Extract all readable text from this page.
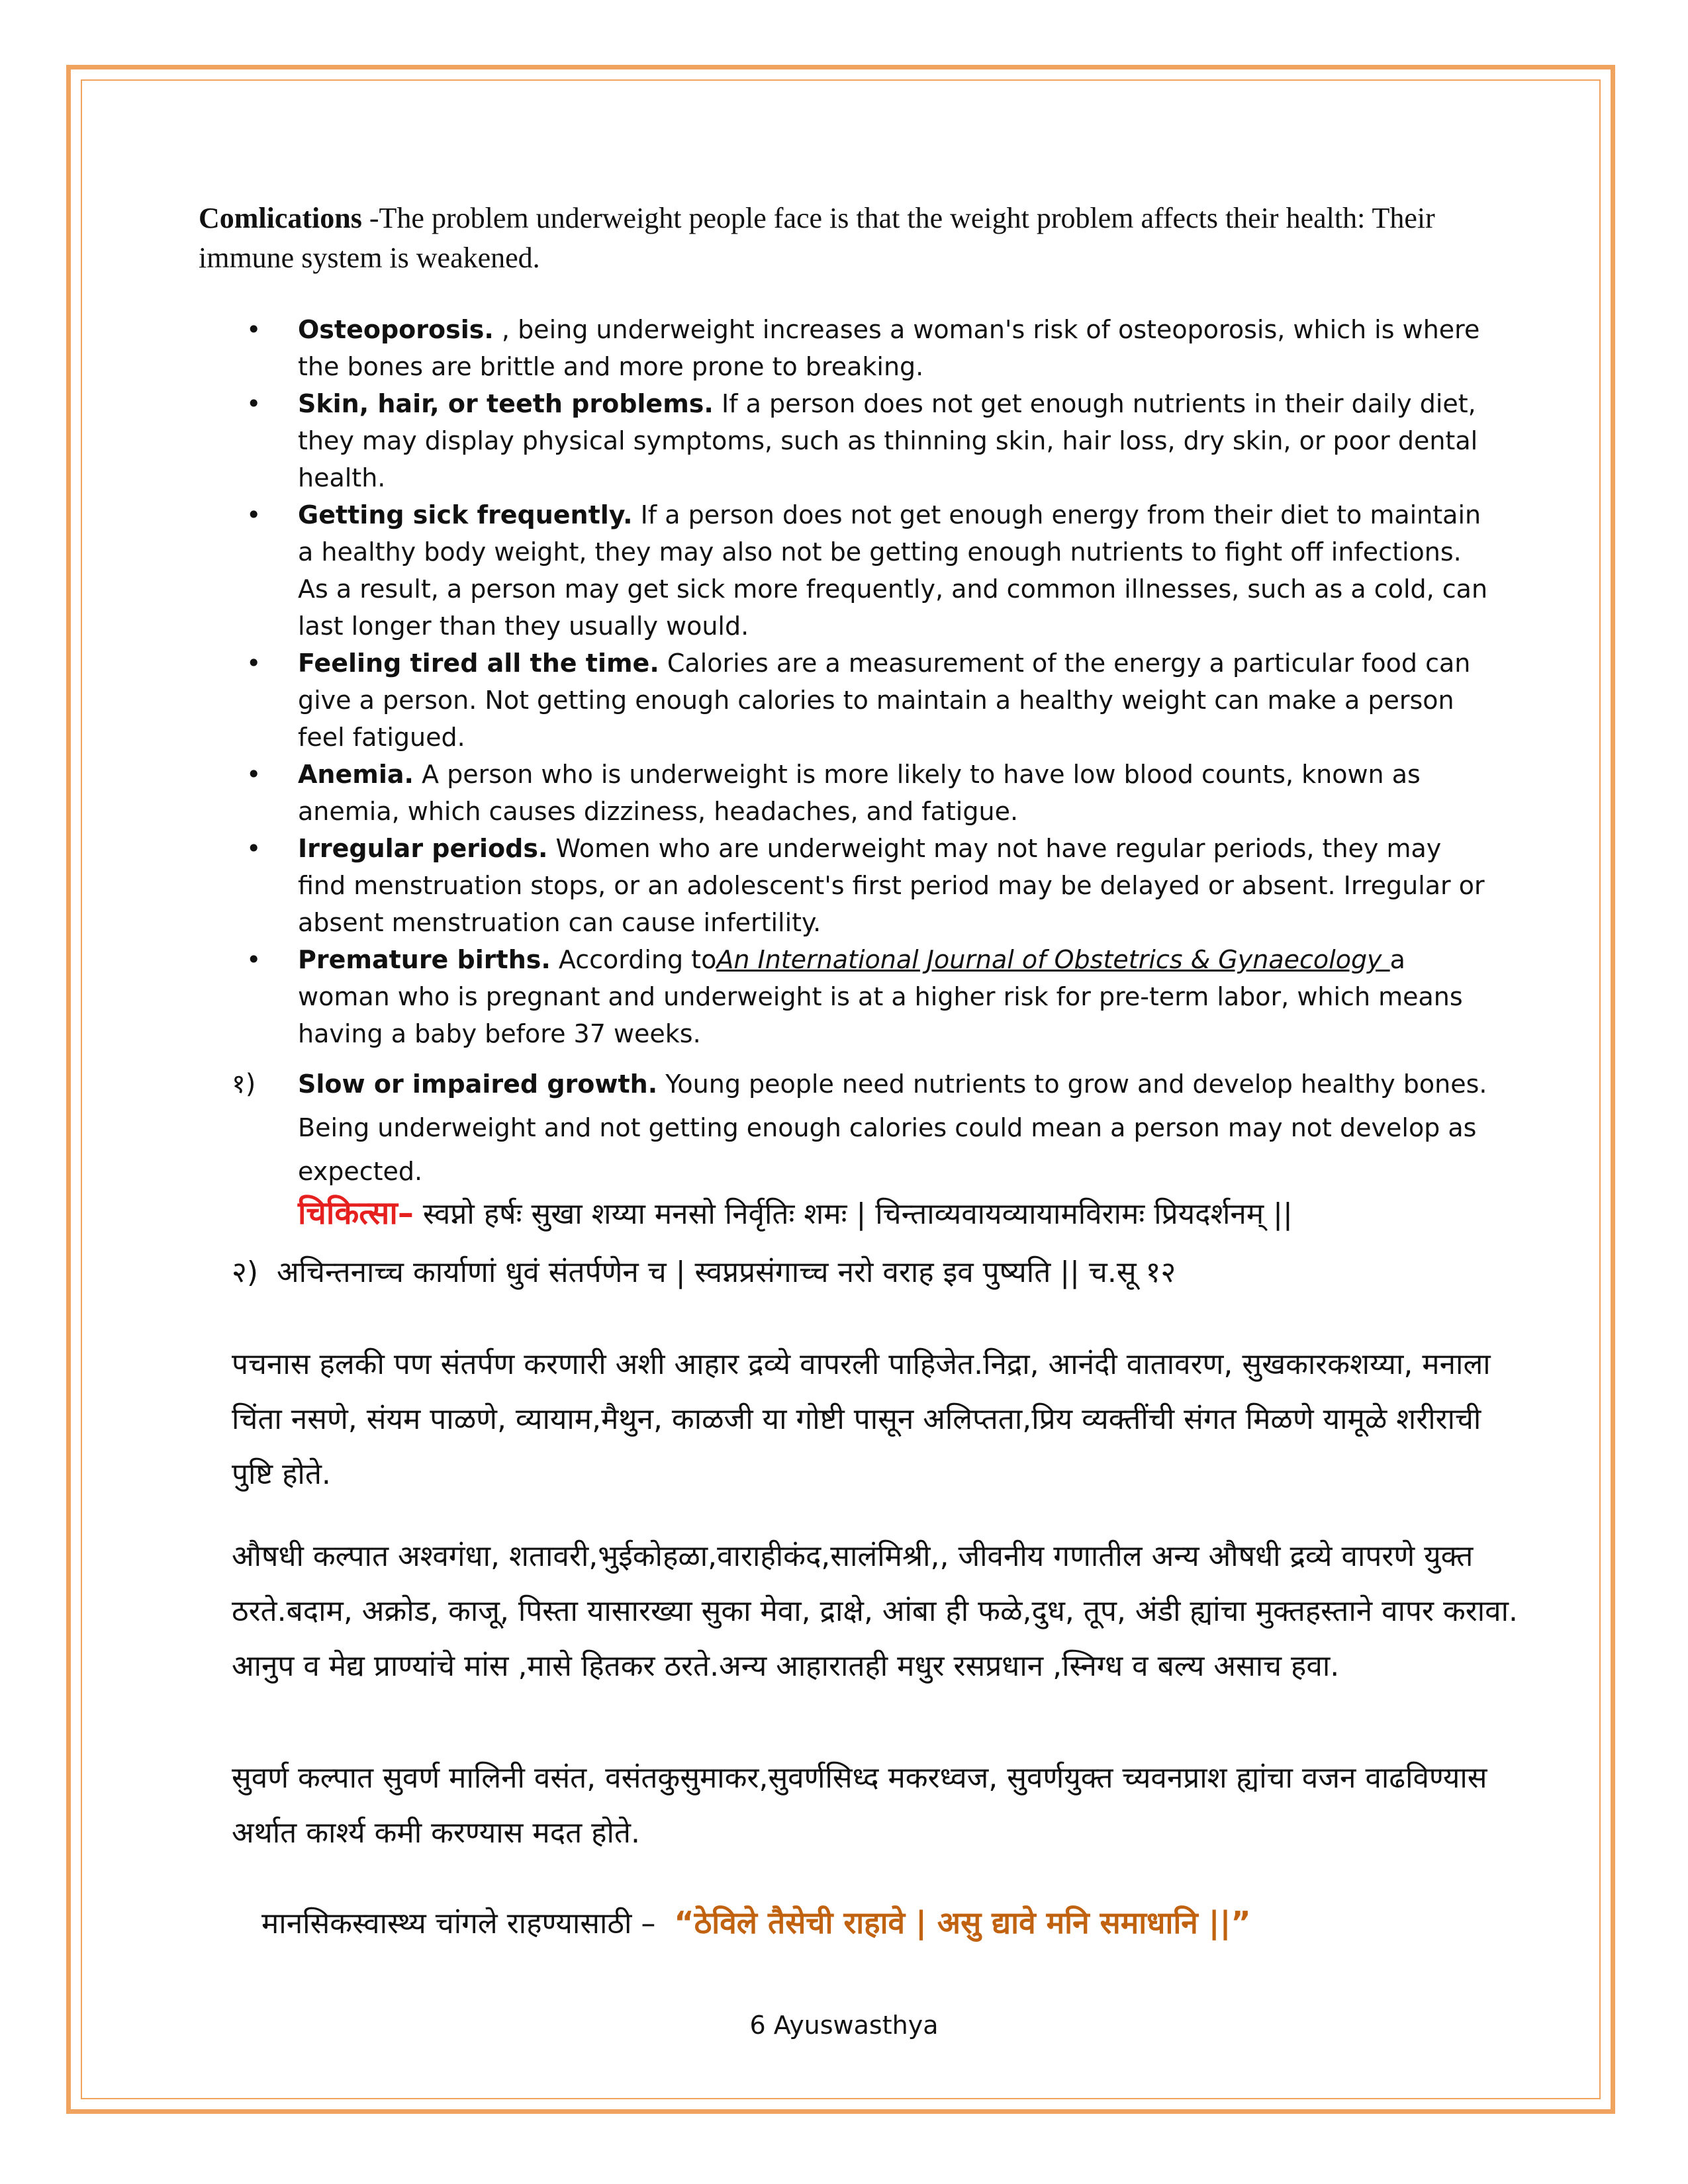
Comlications -The problem underweight people face is that the weight problem affects their health: Their immune system is weakened.

• Osteoporosis. , being underweight increases a woman's risk of osteoporosis, which is where the bones are brittle and more prone to breaking.
• Skin, hair, or teeth problems. If a person does not get enough nutrients in their daily diet, they may display physical symptoms, such as thinning skin, hair loss, dry skin, or poor dental health.
• Getting sick frequently. If a person does not get enough energy from their diet to maintain a healthy body weight, they may also not be getting enough nutrients to fight off infections. As a result, a person may get sick more frequently, and common illnesses, such as a cold, can last longer than they usually would.
• Feeling tired all the time. Calories are a measurement of the energy a particular food can give a person. Not getting enough calories to maintain a healthy weight can make a person feel fatigued.
• Anemia. A person who is underweight is more likely to have low blood counts, known as anemia, which causes dizziness, headaches, and fatigue.
• Irregular periods. Women who are underweight may not have regular periods, they may find menstruation stops, or an adolescent's first period may be delayed or absent. Irregular or absent menstruation can cause infertility.
• Premature births. According toAn International Journal of Obstetrics & Gynaecology a woman who is pregnant and underweight is at a higher risk for pre-term labor, which means having a baby before 37 weeks.
१)	Slow or impaired growth. Young people need nutrients to grow and develop healthy bones. Being underweight and not getting enough calories could mean a person may not develop as expected.
चिकित्सा– स्वप्नो हर्षः सुखा शय्या मनसो निर्वृतिः शमः | चिन्ताव्यवायव्यायामविरामः प्रियदर्शनम् ||
२) अचिन्तनाच्च कार्याणां धुवं संतर्पणेन च | स्वप्नप्रसंगाच्च नरो वराह इव पुष्यति || च.सू १२

पचनास हलकी पण संतर्पण करणारी अशी आहार द्रव्ये वापरली पाहिजेत.निद्रा, आनंदी वातावरण, सुखकारकशय्या, मनाला चिंता नसणे, संयम पाळणे, व्यायाम,मैथुन, काळजी या गोष्टी पासून अलिप्तता,प्रिय व्यक्तींची संगत मिळणे यामूळे शरीराची पुष्टि होते.

औषधी कल्पात अश्वगंधा, शतावरी,भुईकोहळा,वाराहीकंद,सालंमिश्री,, जीवनीय गणातील अन्य औषधी द्रव्ये वापरणे युक्त ठरते.बदाम, अक्रोड, काजू, पिस्ता यासारख्या सुका मेवा, द्राक्षे, आंबा ही फळे,दुध, तूप, अंडी ह्यांचा मुक्तहस्ताने वापर करावा. आनुप व मेद्य प्राण्यांचे मांस ,मासे हितकर ठरते.अन्य आहारातही मधुर रसप्रधान ,स्निग्ध व बल्य असाच हवा.

सुवर्ण कल्पात सुवर्ण मालिनी वसंत, वसंतकुसुमाकर,सुवर्णसिध्द मकरध्वज, सुवर्णयुक्त च्यवनप्राश ह्यांचा वजन वाढविण्यास अर्थात कार्श्य कमी करण्यास मदत होते.

मानसिकस्वास्थ्य चांगले राहण्यासाठी – “ठेविले तैसेची राहावे | असु द्यावे मनि समाधानि ||”
6 Ayuswasthya
